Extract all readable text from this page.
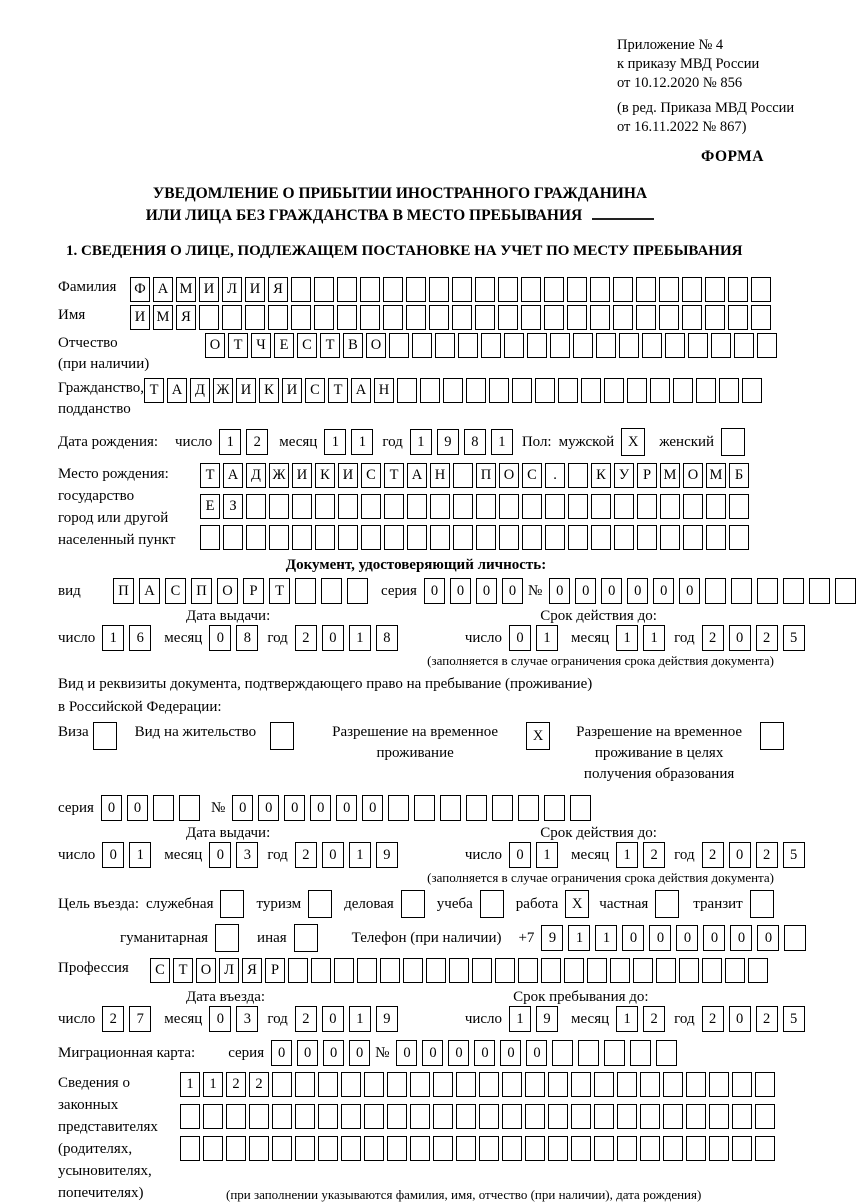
Приложение № 4
к приказу МВД России
от 10.12.2020 № 856
(в ред. Приказа МВД России
от 16.11.2022 № 867)
ФОРМА
УВЕДОМЛЕНИЕ О ПРИБЫТИИ ИНОСТРАННОГО ГРАЖДАНИНА
ИЛИ ЛИЦА БЕЗ ГРАЖДАНСТВА В МЕСТО ПРЕБЫВАНИЯ
1. СВЕДЕНИЯ О ЛИЦЕ, ПОДЛЕЖАЩЕМ ПОСТАНОВКЕ НА УЧЕТ ПО МЕСТУ ПРЕБЫВАНИЯ
Фамилия	Ф А М И Л И Я
Имя	И М Я
Отчество
(при наличии)
О Т Ч Е С Т В О
Гражданство,
подданство
Т А Д Ж И К И С Т А Н
Дата рождения:	число 1	2	месяц 1	1	год 1	9	8	1	Пол: мужской X	женский
Место рождения:
государство
город или другой
населенный пункт
Т А Д Ж И К И С Т А Н	П О С	.	К У Р М О М Б
Е	З
Документ, удостоверяющий личность:
вид	П	А	С	П	О	Р	Т	серия 0	0	0	0 № 0	0	0	0	0	0
Дата выдачи:	Срок действия до:
число 1	6	месяц 0	8	год 2	0	1	8	число 0	1	месяц 1	1	год 2	0	2	5
(заполняется в случае ограничения срока действия документа)
Вид и реквизиты документа, подтверждающего право на пребывание (проживание)
в Российской Федерации:
Виза	Вид на жительство	Разрешение на временное
проживание
X	Разрешение на временное
проживание в целях
получения образования
серия 0	0	№ 0	0	0	0	0	0
Дата выдачи:	Срок действия до:
число 0	1	месяц 0	3	год 2	0	1	9	число 0	1	месяц 1	2	год 2	0	2	5
(заполняется в случае ограничения срока действия документа)
Цель въезда: служебная	туризм	деловая	учеба	работа X	частная	транзит
гуманитарная	иная	Телефон (при наличии) +7 9	1	1	0	0	0	0	0	0
Профессия	С Т О Л Я Р
Дата въезда:	Срок пребывания до:
число 2	7	месяц 0	3	год 2	0	1	9	число 1	9	месяц 1	2	год 2	0	2	5
Миграционная карта: серия 0	0	0	0 № 0	0	0	0	0	0
Сведения о
законных
представителях
(родителях,
усыновителях,
попечителях)
1	1	2	2
(при заполнении указываются фамилия, имя, отчество (при наличии), дата рождения)
